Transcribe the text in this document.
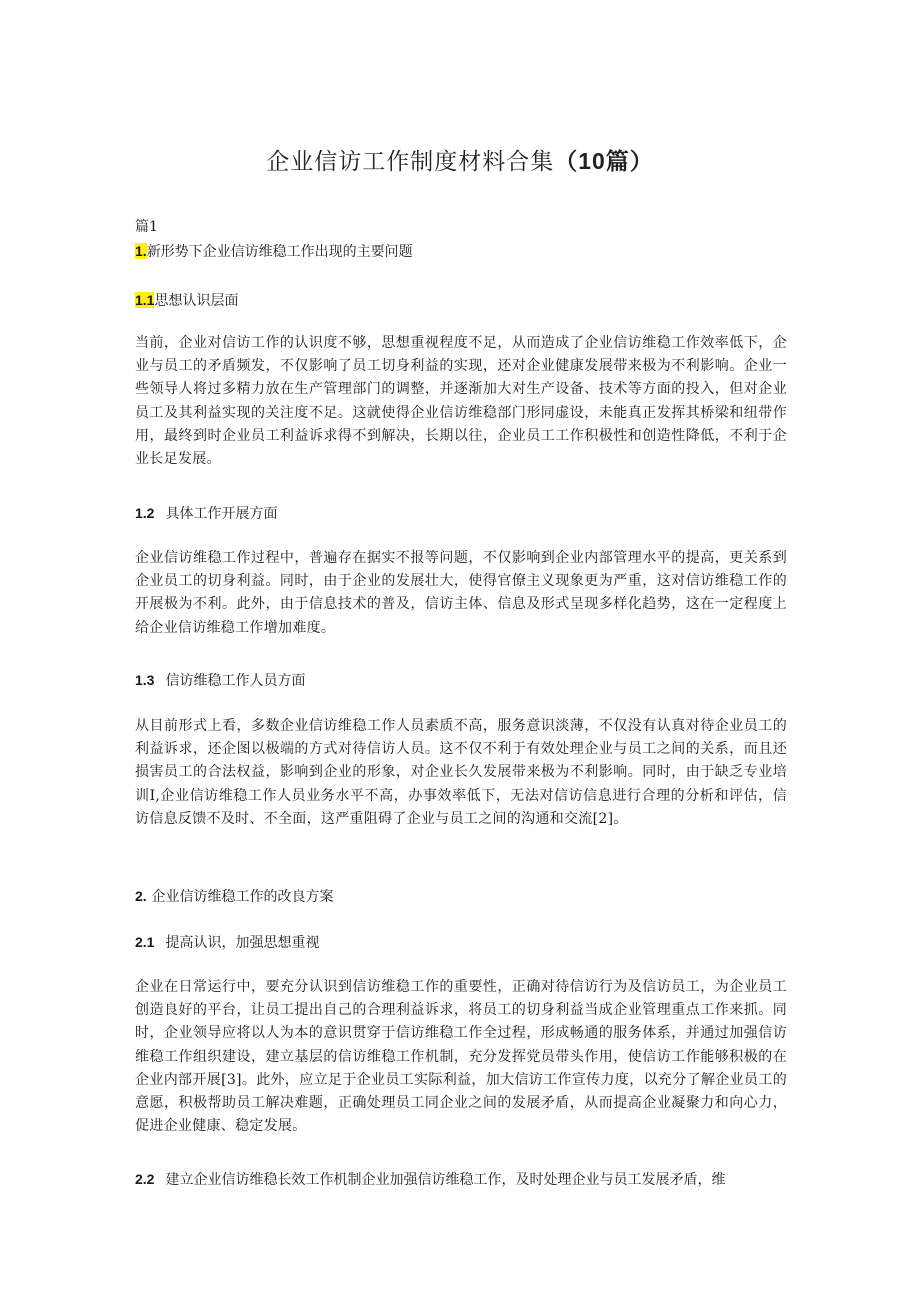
企业信访工作制度材料合集（10篇）
篇1
1.新形势下企业信访维稳工作出现的主要问题
1.1思想认识层面
当前，企业对信访工作的认识度不够，思想重视程度不足，从而造成了企业信访维稳工作效率低下，企业与员工的矛盾频发，不仅影响了员工切身利益的实现，还对企业健康发展带来极为不利影响。企业一些领导人将过多精力放在生产管理部门的调整，并逐渐加大对生产设备、技术等方面的投入，但对企业员工及其利益实现的关注度不足。这就使得企业信访维稳部门形同虚设，未能真正发挥其桥梁和纽带作用，最终到时企业员工利益诉求得不到解决，长期以往，企业员工工作积极性和创造性降低，不利于企业长足发展。
1.2 具体工作开展方面
企业信访维稳工作过程中，普遍存在据实不报等问题，不仅影响到企业内部管理水平的提高，更关系到企业员工的切身利益。同时，由于企业的发展壮大，使得官僚主义现象更为严重，这对信访维稳工作的开展极为不利。此外，由于信息技术的普及，信访主体、信息及形式呈现多样化趋势，这在一定程度上给企业信访维稳工作增加难度。
1.3 信访维稳工作人员方面
从目前形式上看，多数企业信访维稳工作人员素质不高，服务意识淡薄，不仅没有认真对待企业员工的利益诉求，还企图以极端的方式对待信访人员。这不仅不利于有效处理企业与员工之间的关系，而且还损害员工的合法权益，影响到企业的形象，对企业长久发展带来极为不利影响。同时，由于缺乏专业培训I,企业信访维稳工作人员业务水平不高，办事效率低下，无法对信访信息进行合理的分析和评估，信访信息反馈不及时、不全面，这严重阻碍了企业与员工之间的沟通和交流[2]。
2. 企业信访维稳工作的改良方案
2.1 提高认识，加强思想重视
企业在日常运行中，要充分认识到信访维稳工作的重要性，正确对待信访行为及信访员工，为企业员工创造良好的平台，让员工提出自己的合理利益诉求，将员工的切身利益当成企业管理重点工作来抓。同时，企业领导应将以人为本的意识贯穿于信访维稳工作全过程，形成畅通的服务体系，并通过加强信访维稳工作组织建设，建立基层的信访维稳工作机制，充分发挥党员带头作用，使信访工作能够积极的在企业内部开展[3]。此外，应立足于企业员工实际利益，加大信访工作宣传力度，以充分了解企业员工的意愿，积极帮助员工解决难题，正确处理员工同企业之间的发展矛盾，从而提高企业凝聚力和向心力，促进企业健康、稳定发展。
2.2 建立企业信访维稳长效工作机制企业加强信访维稳工作，及时处理企业与员工发展矛盾，维
